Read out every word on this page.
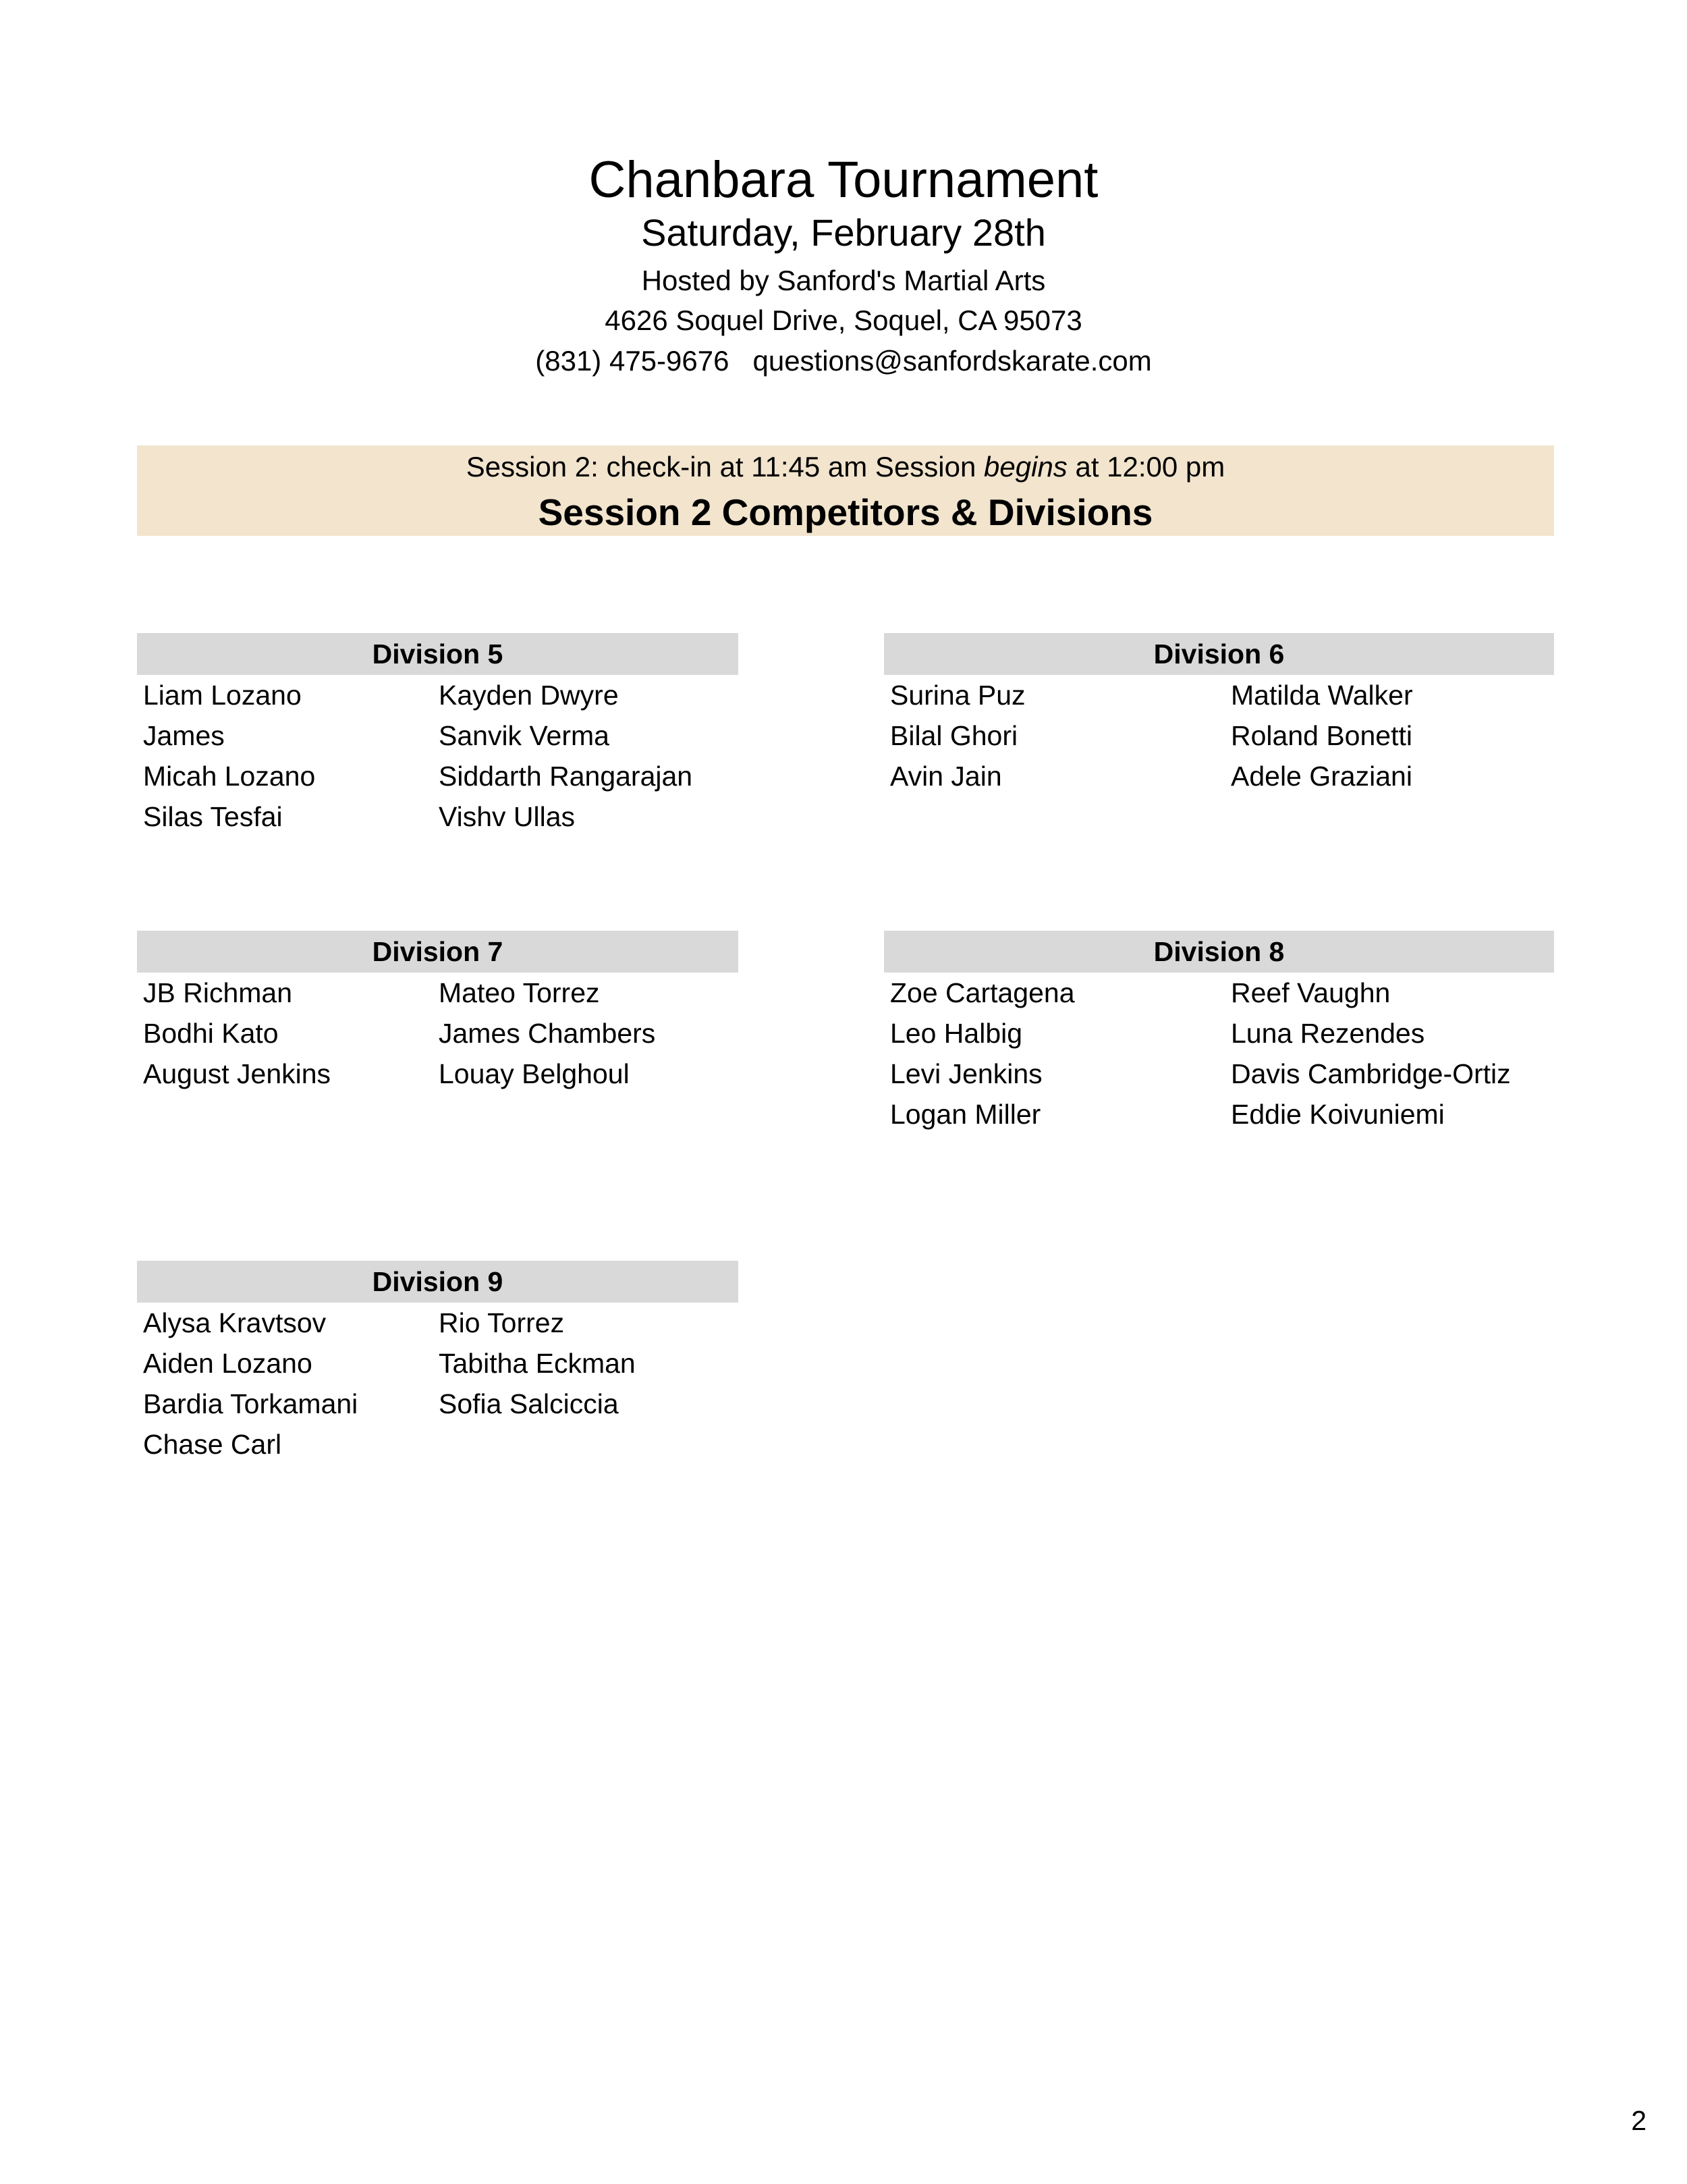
Chanbara Tournament
Saturday, February 28th
Hosted by Sanford's Martial Arts
4626 Soquel Drive, Soquel, CA 95073
(831) 475-9676 questions@sanfordskarate.com
Session 2: check-in at 11:45 am Session begins at 12:00 pm
Session 2 Competitors & Divisions
Division 5
Liam Lozano
James
Micah Lozano
Silas Tesfai
Kayden Dwyre
Sanvik Verma
Siddarth Rangarajan
Vishv Ullas
Division 6
Surina Puz
Bilal Ghori
Avin Jain
Matilda Walker
Roland Bonetti
Adele Graziani
Division 7
JB Richman
Bodhi Kato
August Jenkins
Mateo Torrez
James Chambers
Louay Belghoul
Division 8
Zoe Cartagena
Leo Halbig
Levi Jenkins
Logan Miller
Reef Vaughn
Luna Rezendes
Davis Cambridge-Ortiz
Eddie Koivuniemi
Division 9
Alysa Kravtsov
Aiden Lozano
Bardia Torkamani
Chase Carl
Rio Torrez
Tabitha Eckman
Sofia Salciccia
2
